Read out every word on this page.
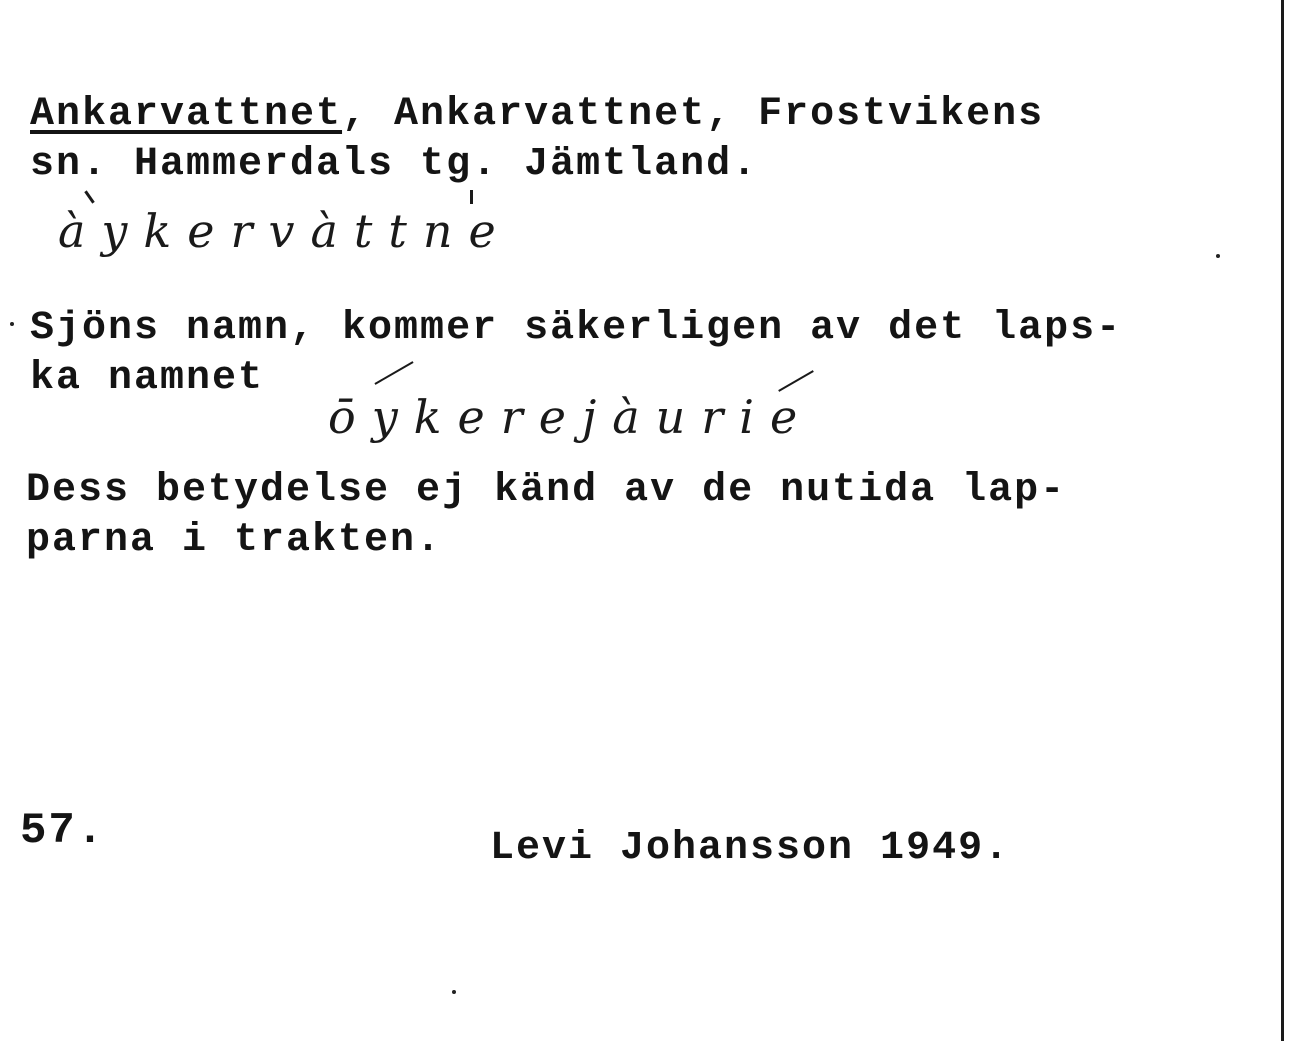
Ankarvattnet, Ankarvattnet, Frostvikens
sn. Hammerdals tg. Jämtland.
àykervàttne
Sjöns namn, kommer säkerligen av det laps-
ka namnet
ōykerejàurie
Dess betydelse ej känd av de nutida lap-
parna i trakten.
57.	Levi Johansson 1949.
